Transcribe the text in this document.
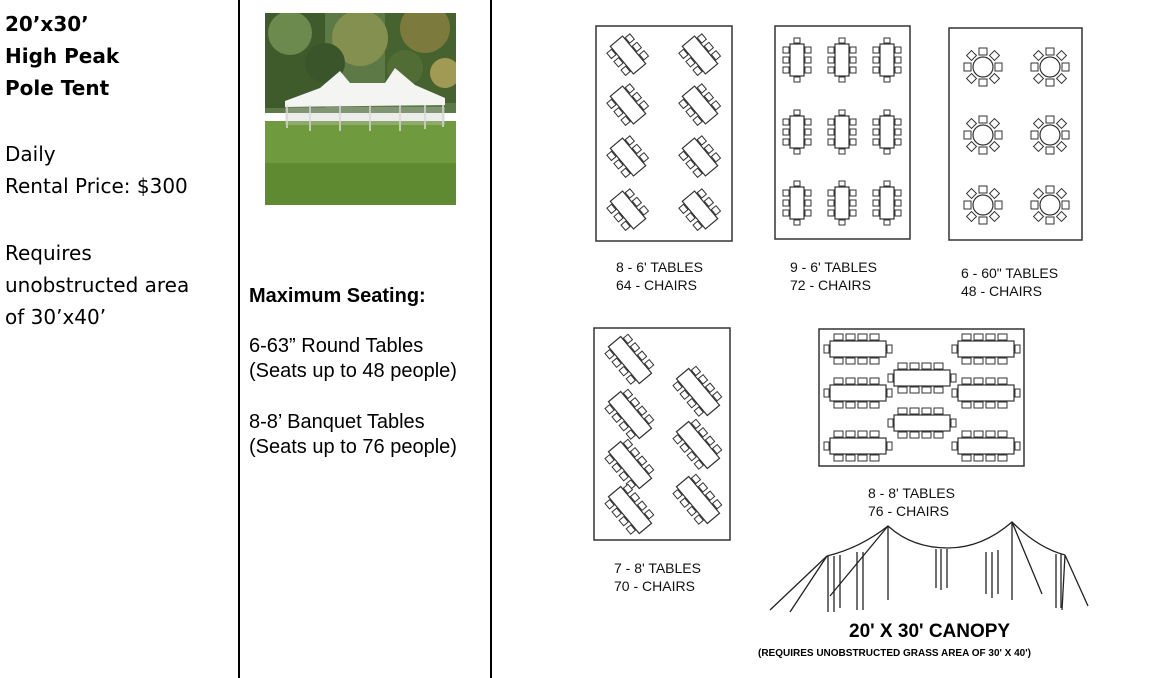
20’x30’
High Peak
Pole Tent
Daily
Rental Price: $300
Requires
unobstructed area
of 30’x40’
Maximum Seating:
6-63” Round Tables
(Seats up to 48 people)
8-8’ Banquet Tables
(Seats up to 76 people)
8 - 6' TABLES
64 - CHAIRS
9 - 6' TABLES
72 - CHAIRS
6 - 60" TABLES
48 - CHAIRS
7 - 8' TABLES
70 - CHAIRS
8 - 8' TABLES
76 - CHAIRS
20' X 30' CANOPY
(REQUIRES UNOBSTRUCTED GRASS AREA OF 30' X 40')
